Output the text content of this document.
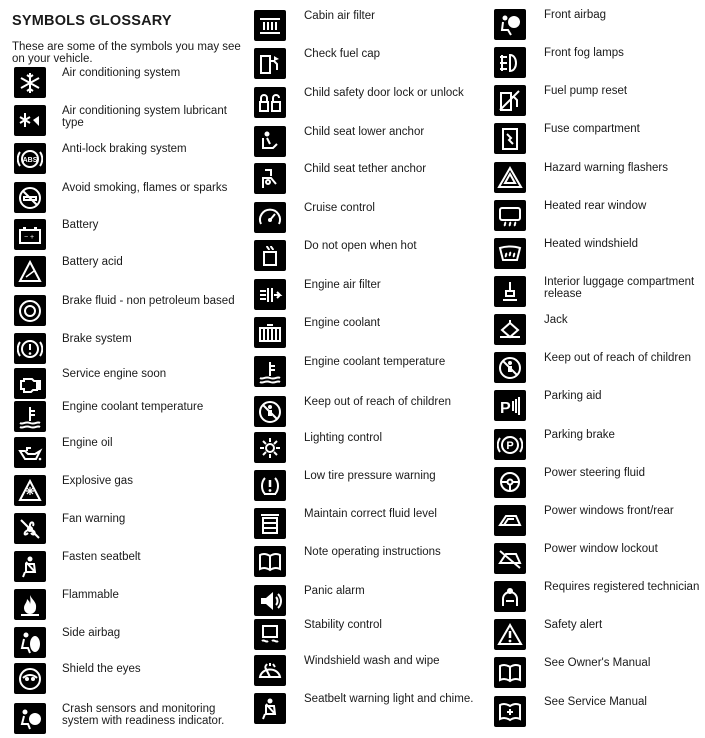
SYMBOLS GLOSSARY
These are some of the symbols you may see on your vehicle.
Air conditioning system
Air conditioning system lubricant type
ABS
Anti-lock braking system
Avoid smoking, flames or sparks
− +
Battery
Battery acid
Brake fluid - non petroleum based
Brake system
Service engine soon
Engine coolant temperature
Engine oil
Explosive gas
Fan warning
Fasten seatbelt
Flammable
Side airbag
Shield the eyes
Crash sensors and monitoring system with readiness indicator.
Cabin air filter
Check fuel cap
Child safety door lock or unlock
Child seat lower anchor
Child seat tether anchor
Cruise control
Do not open when hot
Engine air filter
Engine coolant
Engine coolant temperature
Keep out of reach of children
Lighting control
Low tire pressure warning
Maintain correct fluid level
Note operating instructions
Panic alarm
Stability control
Windshield wash and wipe
Seatbelt warning light and chime.
Front airbag
Front fog lamps
Fuel pump reset
Fuse compartment
Hazard warning flashers
Heated rear window
Heated windshield
Interior luggage compartment release
Jack
Keep out of reach of children
P
Parking aid
P
Parking brake
Power steering fluid
Power windows front/rear
Power window lockout
Requires registered technician
Safety alert
See Owner's Manual
See Service Manual
